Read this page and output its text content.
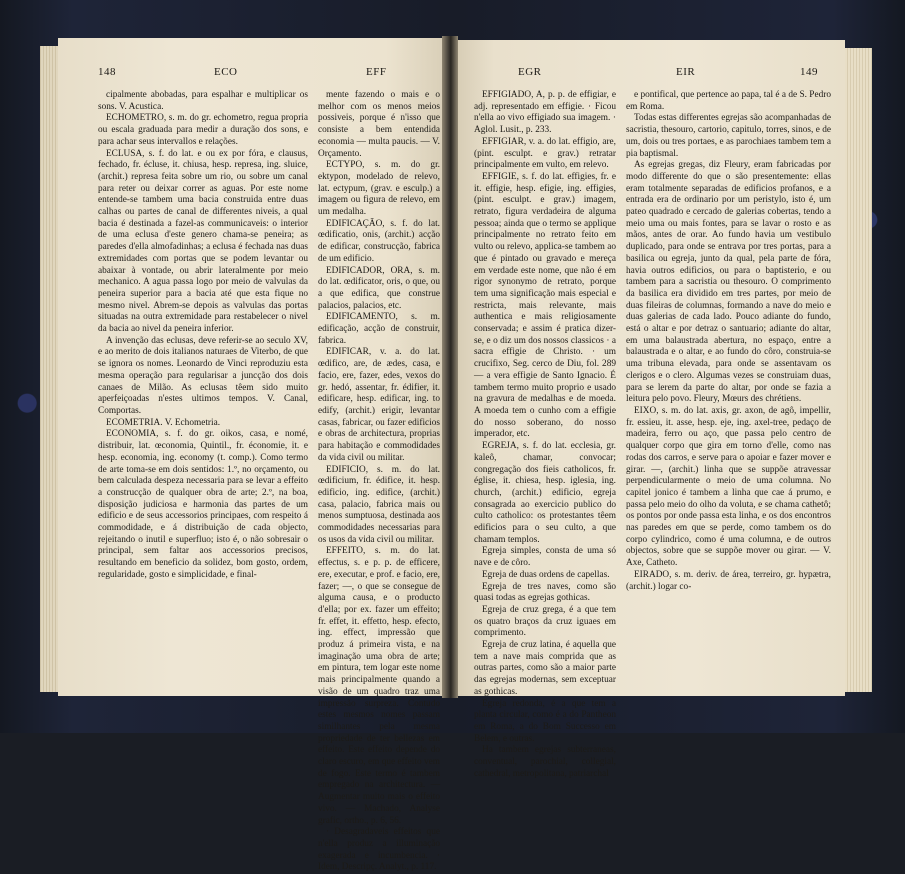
148	ECO	EFF	EGR	EIR	149

cipalmente abobadas, para espalhar e multiplicar os sons. V. Acustica.

ECHOMETRO, s. m. do gr. echometro, regua propria ou escala graduada para medir a duração dos sons, e para achar seus intervallos e relações.

ECLUSA, s. f. do lat. e ou ex por fóra, e clausus, fechado, fr. écluse, it. chiusa, hesp. represa, ing. sluice, (archit.) represa feita sobre um rio, ou sobre um canal para reter ou deixar correr as aguas. Por este nome entende-se tambem uma bacia construida entre duas calhas ou partes de canal de differentes niveis, a qual bacia é destinada a fazel-as communicaveis: o interior de uma eclusa d'este genero chama-se peneira; as paredes d'ella almofadinhas; a eclusa é fechada nas duas extremidades com portas que se podem levantar ou abaixar à vontade, ou abrir lateralmente por meio mechanico. A agua passa logo por meio de valvulas da peneira superior para a bacia até que esta fique no mesmo nivel. Abrem-se depois as valvulas das portas situadas na outra extremidade para restabelecer o nivel da bacia ao nivel da peneira inferior.

A invenção das eclusas, deve referir-se ao seculo XV, e ao merito de dois italianos naturaes de Viterbo, de que se ignora os nomes. Leonardo de Vinci reproduziu esta mesma operação para regularisar a juncção dos dois canaes de Milão. As eclusas têem sido muito aperfeiçoadas n'estes ultimos tempos. V. Canal, Comportas.

ECOMETRIA. V. Echometria.

ECONOMIA, s. f. do gr. oikos, casa, e nomé, distribuir, lat. œconomia, Quintil., fr. économie, it. e hesp. economia, ing. economy (t. comp.). Como termo de arte toma-se em dois sentidos: 1.º, no orçamento, ou bem calculada despeza necessaria para se levar a effeito a construcção de qualquer obra de arte; 2.º, na boa, disposição judiciosa e harmonia das partes de um edificio e de seus accessorios principaes, com respeito á commodidade, e á distribuição de cada objecto, rejeitando o inutil e superfluo; isto é, o não sobresair o principal, sem faltar aos accessorios precisos, resultando em beneficio da solidez, bom gosto, ordem, regularidade, gosto e simplicidade, e final-

mente fazendo o mais e o melhor com os menos meios possiveis, porque é n'isso que consiste a bem entendida economia — multa paucis. — V. Orçamento.

ECTYPO, s. m. do gr. ektypon, modelado de relevo, lat. ectypum, (grav. e esculp.) a imagem ou figura de relevo, em um medalha.

EDIFICAÇÃO, s. f. do lat. œdificatio, onis, (archit.) acção de edificar, construcção, fabrica de um edificio.

EDIFICADOR, ORA, s. m. do lat. œdificator, oris, o que, ou a que edifica, que construe palacios, palacios, etc.

EDIFICAMENTO, s. m. edificação, acção de construir, fabrica.

EDIFICAR, v. a. do lat. œdifico, are, de ædes, casa, e facio, ere, fazer, edes, vexos do gr. hedó, assentar, fr. édifier, it. edificare, hesp. edificar, ing. to edify, (archit.) erigir, levantar casas, fabricar, ou fazer edificios e obras de architectura, proprias para habitação e commodidades da vida civil ou militar.

EDIFICIO, s. m. do lat. œdificium, fr. édifice, it. hesp. edificio, ing. edifice, (archit.) casa, palacio, fabrica mais ou menos sumptuosa, destinada aos commodidades necessarias para os usos da vida civil ou militar.

EFFEITO, s. m. do lat. effectus, s. e p. p. de efficere, ere, executar, e prof. e facio, ere, fazer; —, o que se consegue de alguma causa, e o producto d'ella; por ex. fazer um effeito; fr. effet, it. effetto, hesp. efecto, ing. effect, impressão que produz á primeira vista, e na imaginação uma obra de arte; em pintura, tem logar este nome mais principalmente quando a visão de um quadro traz uma impressão surpreza. Contudo estes mesmos nomes passam similhantes pela mesma propriedade de ter bellezas em effeito. Este effeito depende do claro escuro, em que effeito vem de fogo. Este termo é tambem empregado na architectura. — Augmentar muito mais o effeito vivo. — Machado, Analyse grafic, ortho., p. 6, 56.

· Desagradaveis effeitos que n'ella produz a illuminação exagerada e incumbencia. · Idem, Descripç. Analyt., p. 117.

EFFIGIADO, A, p. p. de effigiar, e adj. representado em effigie. · Ficou n'ella ao vivo effigiado sua imagem. · Aglol. Lusit., p. 233.

EFFIGIAR, v. a. do lat. effigio, are, (pint. esculpt. e grav.) retratar principalmente em vulto, em relevo.

EFFIGIE, s. f. do lat. effigies, fr. e it. effigie, hesp. efigie, ing. effigies, (pint. esculpt. e grav.) imagem, retrato, figura verdadeira de alguma pessoa; ainda que o termo se applique principalmente no retrato feito em vulto ou relevo, applica-se tambem ao que é pintado ou gravado e mereça em verdade este nome, que não é em rigor synonymo de retrato, porque tem uma significação mais especial e restricta, mais relevante, mais authentica e mais religiosamente conservada; e assim é pratica dizer-se, e o diz um dos nossos classicos · a sacra effigie de Christo. · um crucifixo, Seg. cerco de Diu, fol. 289 — a vera effigie de Santo Ignacio. É tambem termo muito proprio e usado na gravura de medalhas e de moeda. A moeda tem o cunho com a effigie do nosso soberano, do nosso imperador, etc.

EGREJA, s. f. do lat. ecclesia, gr. kaleô, chamar, convocar; congregação dos fieis catholicos, fr. église, it. chiesa, hesp. iglesia, ing. church, (archit.) edificio, egreja consagrada ao exercicio publico do culto catholico: os protestantes têem edificios para o seu culto, a que chamam templos.

Egreja simples, consta de uma só nave e de côro.

Egreja de duas ordens de capellas.

Egreja de tres naves, como são quasi todas as egrejas gothicas.

Egreja de cruz grega, é a que tem os quatro braços da cruz iguaes em comprimento.

Egreja de cruz latina, é aquella que tem a nave mais comprida que as outras partes, como são a maior parte das egrejas modernas, sem exceptuar as gothicas.

Egreja redonda, é a que tem a planta circular, como é a do Pantheon em Roma, a do Bom Successo em Belem, e outras.

Ha tambem egrejas subterraneas, conventual, parochial, collegial, cathedral, metropolitana, patriarchal

e pontifical, que pertence ao papa, tal é a de S. Pedro em Roma.

Todas estas differentes egrejas são acompanhadas de sacristia, thesouro, cartorio, capitulo, torres, sinos, e de um, dois ou tres portaes, e as parochiaes tambem tem a pia baptismal.

As egrejas gregas, diz Fleury, eram fabricadas por modo differente do que o são presentemente: ellas eram totalmente separadas de edificios profanos, e a entrada era de ordinario por um peristylo, isto é, um pateo quadrado e cercado de galerias cobertas, tendo a meio uma ou mais fontes, para se lavar o rosto e as mãos, antes de orar. Ao fundo havia um vestibulo duplicado, para onde se entrava por tres portas, para a basilica ou egreja, junto da qual, pela parte de fóra, havia outros edificios, ou para o baptisterio, e ou tambem para a sacristia ou thesouro. O comprimento da basilica era dividido em tres partes, por meio de duas fileiras de columnas, formando a nave do meio e duas galerias de cada lado. Pouco adiante do fundo, está o altar e por detraz o santuario; adiante do altar, em uma balaustrada abertura, no espaço, entre a balaustrada e o altar, e ao fundo do côro, construia-se uma tribuna elevada, para onde se assentavam os clerigos e o clero. Algumas vezes se construiam duas, para se lerem da parte do altar, por onde se fazia a leitura pelo povo. Fleury, Mœurs des chrétiens.

EIXO, s. m. do lat. axis, gr. axon, de agô, impellir, fr. essieu, it. asse, hesp. eje, ing. axel-tree, pedaço de madeira, ferro ou aço, que passa pelo centro de qualquer corpo que gira em torno d'elle, como nas rodas dos carros, e serve para o apoiar e fazer mover e girar. —, (archit.) linha que se suppõe atravessar perpendicularmente o meio de uma columna. No capitel jonico é tambem a linha que cae á prumo, e passa pelo meio do olho da voluta, e se chama cathetô; os pontos por onde passa esta linha, e os dos encontros nas paredes em que se perde, como tambem os do corpo cylindrico, como é uma columna, e de outros objectos, sobre que se suppõe mover ou girar. — V. Axe, Catheto.

EIRADO, s. m. deriv. de área, terreiro, gr. hypætra, (archit.) logar co-
